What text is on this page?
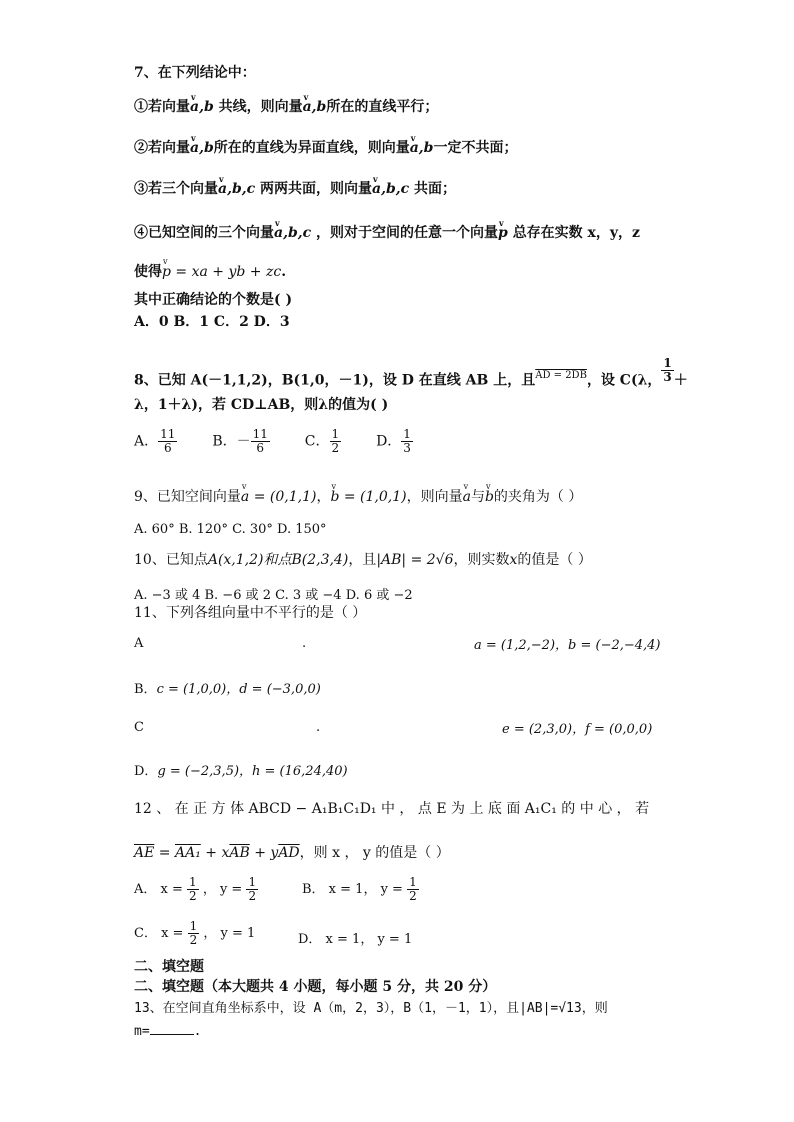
7、在下列结论中：
①若向量v a,b 共线，则向量v a,b所在的直线平行；
②若向量v a,b所在的直线为异面直线，则向量v a,b一定不共面；
③若三个向量v a,b,c 两两共面，则向量v a,b,c 共面；
④已知空间的三个向量v a,b,c ，则对于空间的任意一个向量v p 总存在实数 x，y，z
使得v p = xa + yb + zc.
其中正确结论的个数是( )
A．0 B．1 C．2 D．3
8、已知 A(－1,1,2)，B(1,0，－1)，设 D 在直线 AB 上，且$^{AD = 2DB}$，设 C(λ， $\frac{1}{3}$ ＋
λ，1＋λ)，若 CD⊥AB，则λ的值为( )
A． $\frac{11}{6}$ B．－ $\frac{11}{6}$ C． $\frac{1}{2}$ D． $\frac{1}{3}$
9、已知空间向量v a = (0,1,1)，v b = (1,0,1)，则向量v a与v b的夹角为（ ）
A. 60° B. 120° C. 30° D. 150°
10、已知点A(x,1,2)和点B(2,3,4)，且|AB| = 2√6，则实数x的值是（ ）
A. −3 或 4 B. −6 或 2 C. 3 或 −4 D. 6 或 −2
11、下列各组向量中不平行的是（ ）
A	.	a = (1,2,−2)，b = (−2,−4,4)
B．c = (1,0,0)，d = (−3,0,0)
C	.	e = (2,3,0)，f = (0,0,0)
D．g = (−2,3,5)，h = (16,24,40)
12 、 在 正 方 体 ABCD − A₁B₁C₁D₁ 中 ， 点 E 为 上 底 面 A₁C₁ 的 中 心 ， 若
$\overline{AE} = AA_1 + x\overline{AB} + y\overline{AD}$，则 x ， y 的值是（ ）
A． $x = \frac{1}{2}$ ， $y = \frac{1}{2}$	B． x = 1， $y = \frac{1}{2}$
C． $x = \frac{1}{2}$ ， y = 1	D． x = 1， y = 1
二、填空题
二、填空题（本大题共 4 小题，每小题 5 分，共 20 分）
13、在空间直角坐标系中，设 A（m，2，3），B（1，－1，1），且|AB|=√13，则
m=	.
